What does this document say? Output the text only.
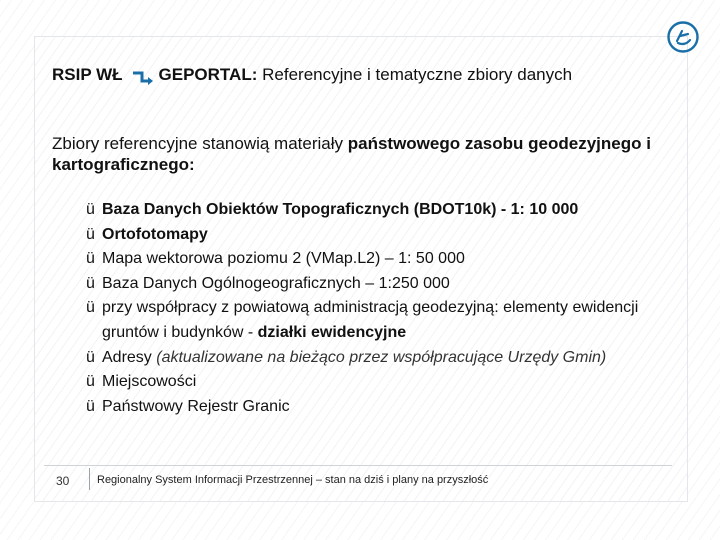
RSIP WŁ GEPORTAL:
Referencyjne i tematyczne zbiory danych
Zbiory referencyjne stanowią materiały państwowego zasobu geodezyjnego i kartograficznego:
ü Baza Danych Obiektów Topograficznych (BDOT10k) - 1: 10 000
ü Ortofotomapy
ü Mapa wektorowa poziomu 2 (VMap.L2) – 1: 50 000
ü Baza Danych Ogólnogeograficznych – 1:250 000
ü przy współpracy z powiatową administracją geodezyjną: elementy ewidencji gruntów i budynków - działki ewidencyjne
ü Adresy (aktualizowane na bieżąco przez współpracujące Urzędy Gmin)
ü Miejscowości
ü Państwowy Rejestr Granic
30	Regionalny System Informacji Przestrzennej – stan na dziś i plany na przyszłość
